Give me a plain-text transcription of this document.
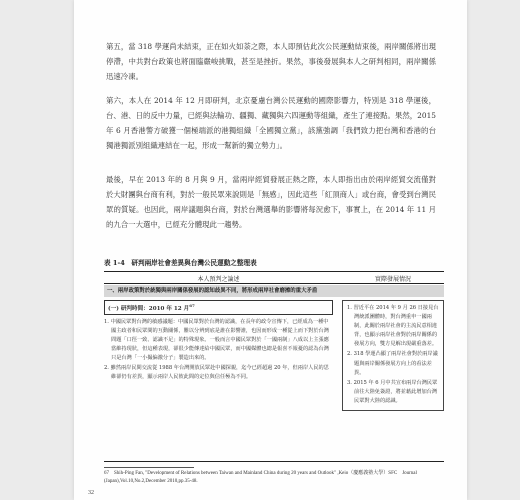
第五，當 318 學運尚未結束，正在如火如荼之際，本人即預估此次公民運動結束後，兩岸關係將出現停滯，中共對台政策也將面臨嚴峻挑戰，甚至是挫折。果然，事後發展與本人之研判相同，兩岸關係迅速冷凍。

第六，本人在 2014 年 12 月即研判，北京憂慮台灣公民運動的國際影響力，特別是 318 學運後，台、港、日的反中力量，已經與法輪功、疆獨、藏獨與六四運動等組織，產生了連接點。果然，2015 年 6 月香港警方破獲一個極端派的港獨組織「全國獨立黨」，該黨強調「我們致力把台灣和香港的台獨港獨派別組織連結在一起，形成一幫新的獨立勢力」。

最後，早在 2013 年的 8 月與 9 月，當兩岸經貿發展正熱之際，本人即指出由於兩岸經貿交流僅對於大財團與台商有利，對於一般民眾來說則是「無感」，因此這些「紅頂商人」或台商，會受到台灣民眾的質疑。也因此，兩岸議題與台商，對於台灣選舉的影響將每況愈下，事實上，在 2014 年 11 月的九合一大選中，已經充分體現此一趨勢。

表 1-4　研判兩岸社會差異與台灣公民運動之整理表

本人預判之論述	實際發展情況
一、兩岸政策對於統獨與兩岸關係發展的認知歧異不同，將形成兩岸社會磨擦的重大矛盾
(一) 研判時間：2010 年 12 月$^{67}$

1. 中國民眾對台灣的敏感議題：中國民眾對於台灣的認識，在長年的政令宣傳下，已經成為一種中國主政者和民眾間的互動關係，難以分辨到底是誰在影響誰，也因而形成一種從上而下對於台灣問題「口徑一致、認識不足」的特殊現象。一般而言中國民眾對於「一國兩制」八成以上主張應當維持現狀，但這種表現，卻很少能傳達給中國民眾，而中國媒體也總是報喜不報憂的認為台灣只是台灣「一小撮偏激分子」製造出來的。

2. 雖然兩岸民間交流從 1988 年台灣開放民眾赴中國探親，迄今已經超過 20 年，但兩岸人民的思維卻仍有差異，顯示兩岸人民彼此間的定位與信任極為不同。

1. 習近平在 2014 年 9 月 26 日接見台灣統派團體時，對台灣重申一國兩制，此關於兩岸社會的主流民意相違背，也顯示兩岸社會對於兩岸關係的發展方向，雙方見解出現嚴重落差。

2. 318 學運凸顯了兩岸社會對於兩岸議題與兩岸關係發展方向上的看法差異。

3. 2015 年 6 月中共宣布兩岸台灣民眾前往大陸免簽證，將並藉此增加台灣民眾對大陸的認識。

67　Shih-Ping Fan, "Development of Relations between Taiwan and Mainland China during 20 years and Outlook" ,Keio（慶應義塾大學）SFC　Journal (Japan),Vol.10,No.2,December 2010,pp.35-48.

32
